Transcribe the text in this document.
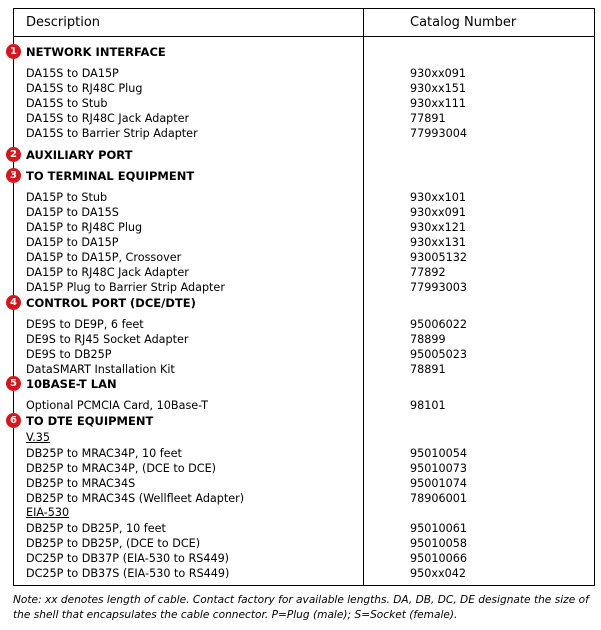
Description	Catalog Number
1 NETWORK INTERFACE
DA15S to DA15P	930xx091
DA15S to RJ48C Plug	930xx151
DA15S to Stub	930xx111
DA15S to RJ48C Jack Adapter	77891
DA15S to Barrier Strip Adapter	77993004
2 AUXILIARY PORT
3 TO TERMINAL EQUIPMENT
DA15P to Stub	930xx101
DA15P to DA15S	930xx091
DA15P to RJ48C Plug	930xx121
DA15P to DA15P	930xx131
DA15P to DA15P, Crossover	93005132
DA15P to RJ48C Jack Adapter	77892
DA15P Plug to Barrier Strip Adapter	77993003
4 CONTROL PORT (DCE/DTE)
DE9S to DE9P, 6 feet	95006022
DE9S to RJ45 Socket Adapter	78899
DE9S to DB25P	95005023
DataSMART Installation Kit	78891
5 10BASE-T LAN
Optional PCMCIA Card, 10Base-T	98101
6 TO DTE EQUIPMENT
V.35
DB25P to MRAC34P, 10 feet	95010054
DB25P to MRAC34P, (DCE to DCE)	95010073
DB25P to MRAC34S	95001074
DB25P to MRAC34S (Wellfleet Adapter)	78906001
EIA-530
DB25P to DB25P, 10 feet	95010061
DB25P to DB25P, (DCE to DCE)	95010058
DC25P to DB37P (EIA-530 to RS449)	95010066
DC25P to DB37S (EIA-530 to RS449)	950xx042
Note: xx denotes length of cable. Contact factory for available lengths. DA, DB, DC, DE designate the size of the shell that encapsulates the cable connector. P=Plug (male); S=Socket (female).
